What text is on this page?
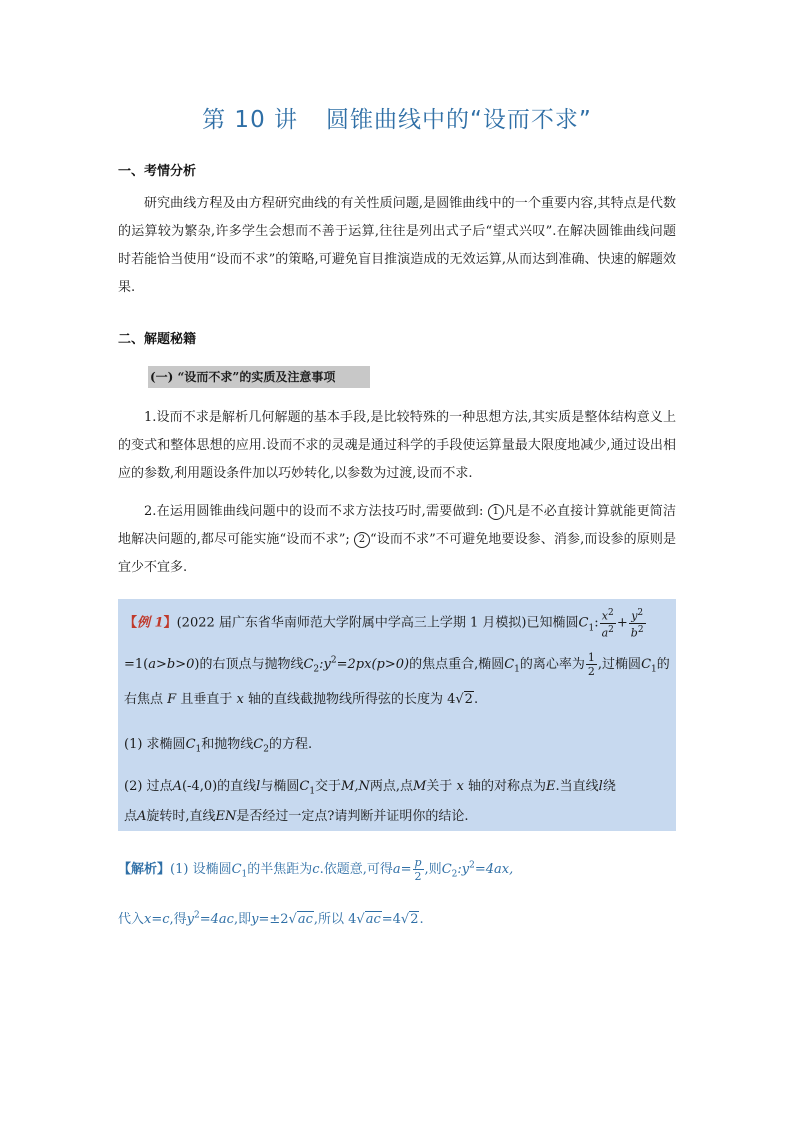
第 10 讲 圆锥曲线中的“设而不求”
一、考情分析
研究曲线方程及由方程研究曲线的有关性质问题,是圆锥曲线中的一个重要内容,其特点是代数的运算较为繁杂,许多学生会想而不善于运算,往往是列出式子后“望式兴叹”.在解决圆锥曲线问题时若能恰当使用“设而不求”的策略,可避免盲目推演造成的无效运算,从而达到准确、快速的解题效果.
二、解题秘籍
(一) “设而不求”的实质及注意事项
1.设而不求是解析几何解题的基本手段,是比较特殊的一种思想方法,其实质是整体结构意义上的变式和整体思想的应用.设而不求的灵魂是通过科学的手段使运算量最大限度地减少,通过设出相应的参数,利用题设条件加以巧妙转化,以参数为过渡,设而不求.
2.在运用圆锥曲线问题中的设而不求方法技巧时,需要做到: 1 凡是不必直接计算就能更简洁地解决问题的,都尽可能实施“设而不求”; 2 “设而不求”不可避免地要设参、消参,而设参的原则是宜少不宜多.
【例 1】(2022 届广东省华南师范大学附属中学高三上学期 1 月模拟)已知椭圆$C_1$: $\frac{x^2}{a^2} + \frac{y^2}{b^2}$
=1(a>b>0)的右顶点与抛物线$C_2:y^2=2px(p>0)$的焦点重合,椭圆$C_1$的离心率为 $\frac{1}{2}$ ,过椭圆$C_1$的
右焦点 F 且垂直于 x 轴的直线截抛物线所得弦的长度为 4√2.
(1) 求椭圆$C_1$和抛物线$C_2$的方程.
(2) 过点A(-4,0)的直线l与椭圆$C_1$交于M,N两点,点M关于 x 轴的对称点为E.当直线l绕
点A旋转时,直线EN是否经过一定点?请判断并证明你的结论.
【解析】(1) 设椭圆$C_1$的半焦距为c.依题意,可得$a= \frac{p}{2}$ ,则$C_2:y^2=4ax$,
代入x=c,得$y^2=4ac$,即y=±2√ac,所以 4√ac=4√2.
